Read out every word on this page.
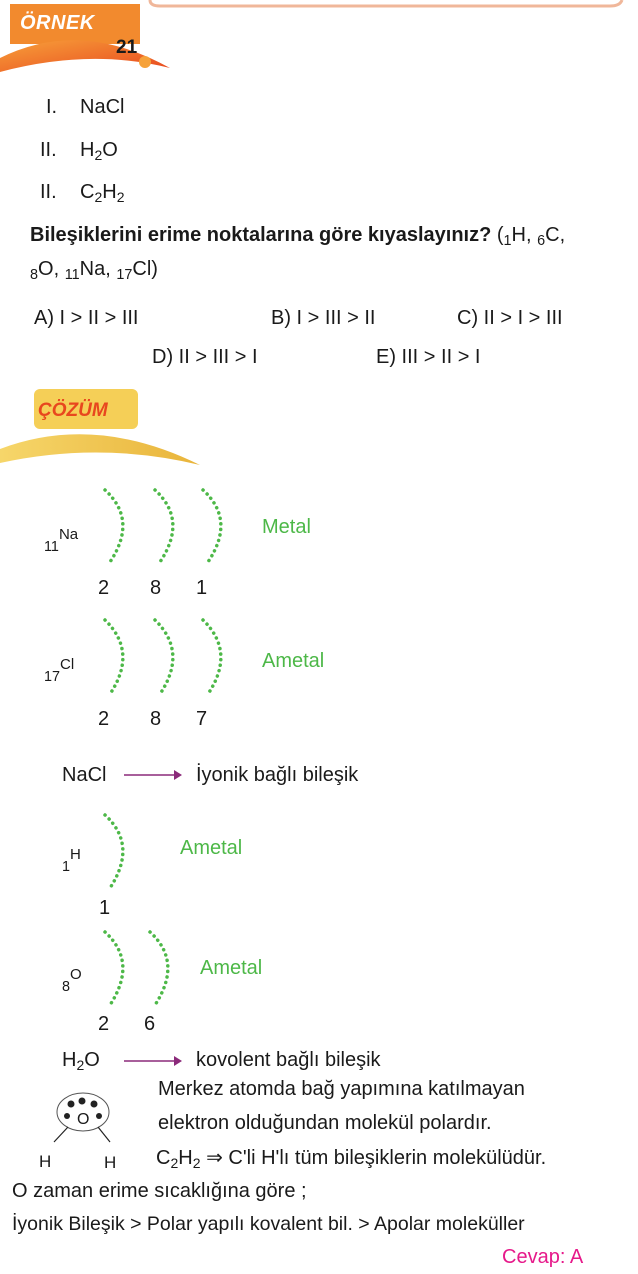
ÖRNEK
21
I. NaCl
II. $H_2O$
II. $C_2H_2$
Bileşiklerini erime noktalarına göre kıyaslayınız? ($_1H$, $_6$C,
$_8$O, $_{11}$Na, $_{17}$Cl)
A) I > II > III	B) I > III > II	C) II > I > III
D) II > III > I	E) III > II > I
ÇÖZÜM
$_{11}^{Na}$	Metal
2 8 1
$_{17}^{Cl}$	Ametal
2 8 7
NaCl	İyonik bağlı bileşik
$_1^H$	Ametal
1
$_8^O$	Ametal
2 6
$H_2O$	kovolent bağlı bileşik
O
H	H
Merkez atomda bağ yapımına katılmayan
elektron olduğundan molekül polardır.
$C_2H_2$ ⇒ C'li H'lı tüm bileşiklerin molekülüdür.
O zaman erime sıcaklığına göre ;
İyonik Bileşik > Polar yapılı kovalent bil. > Apolar moleküller
Cevap: A
